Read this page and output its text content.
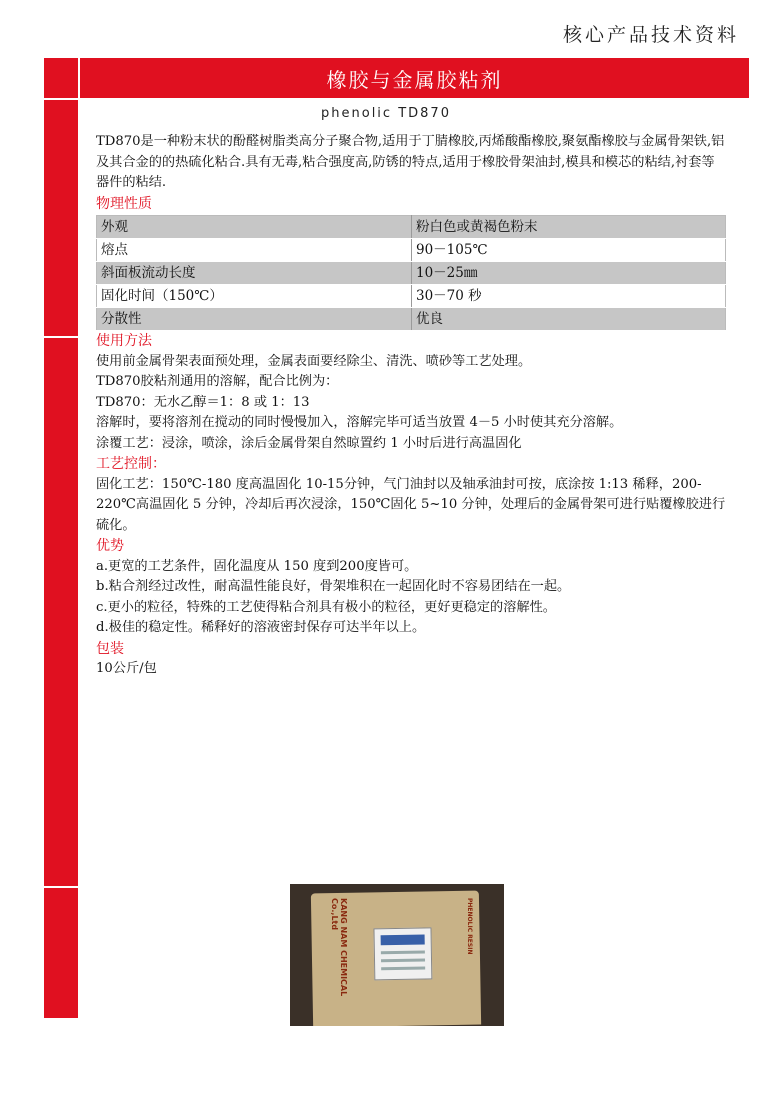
核心产品技术资料
橡胶与金属胶粘剂
phenolic TD870

TD870是一种粉末状的酚醛树脂类高分子聚合物,适用于丁腈橡胶,丙烯酸酯橡胶,聚氨酯橡胶与金属骨架铁,铝及其合金的的热硫化粘合.具有无毒,粘合强度高,防锈的特点,适用于橡胶骨架油封,模具和模芯的粘结,衬套等器件的粘结.

物理性质
外观	粉白色或黄褐色粉末
熔点	90－105℃
斜面板流动长度	10－25㎜
固化时间（150℃）	30－70 秒
分散性	优良
使用方法

使用前金属骨架表面预处理，金属表面要经除尘、清洗、喷砂等工艺处理。

TD870胶粘剂通用的溶解，配合比例为：

TD870：无水乙醇＝1：8 或 1：13

溶解时，要将溶剂在搅动的同时慢慢加入，溶解完毕可适当放置 4－5 小时使其充分溶解。

涂覆工艺：浸涂，喷涂，涂后金属骨架自然晾置约 1 小时后进行高温固化

工艺控制：

固化工艺：150℃-180 度高温固化 10-15分钟，气门油封以及轴承油封可按，底涂按 1:13 稀释，200-220℃高温固化 5 分钟，冷却后再次浸涂，150℃固化 5~10 分钟，处理后的金属骨架可进行贴覆橡胶进行硫化。

优势

a.更宽的工艺条件，固化温度从 150 度到200度皆可。

b.粘合剂经过改性，耐高温性能良好，骨架堆积在一起固化时不容易团结在一起。

c.更小的粒径，特殊的工艺使得粘合剂具有极小的粒径，更好更稳定的溶解性。

d.极佳的稳定性。稀释好的溶液密封保存可达半年以上。

包装

10公斤/包

KANG NAM CHEMICAL Co.,Ltd	PHENOLIC RESIN
